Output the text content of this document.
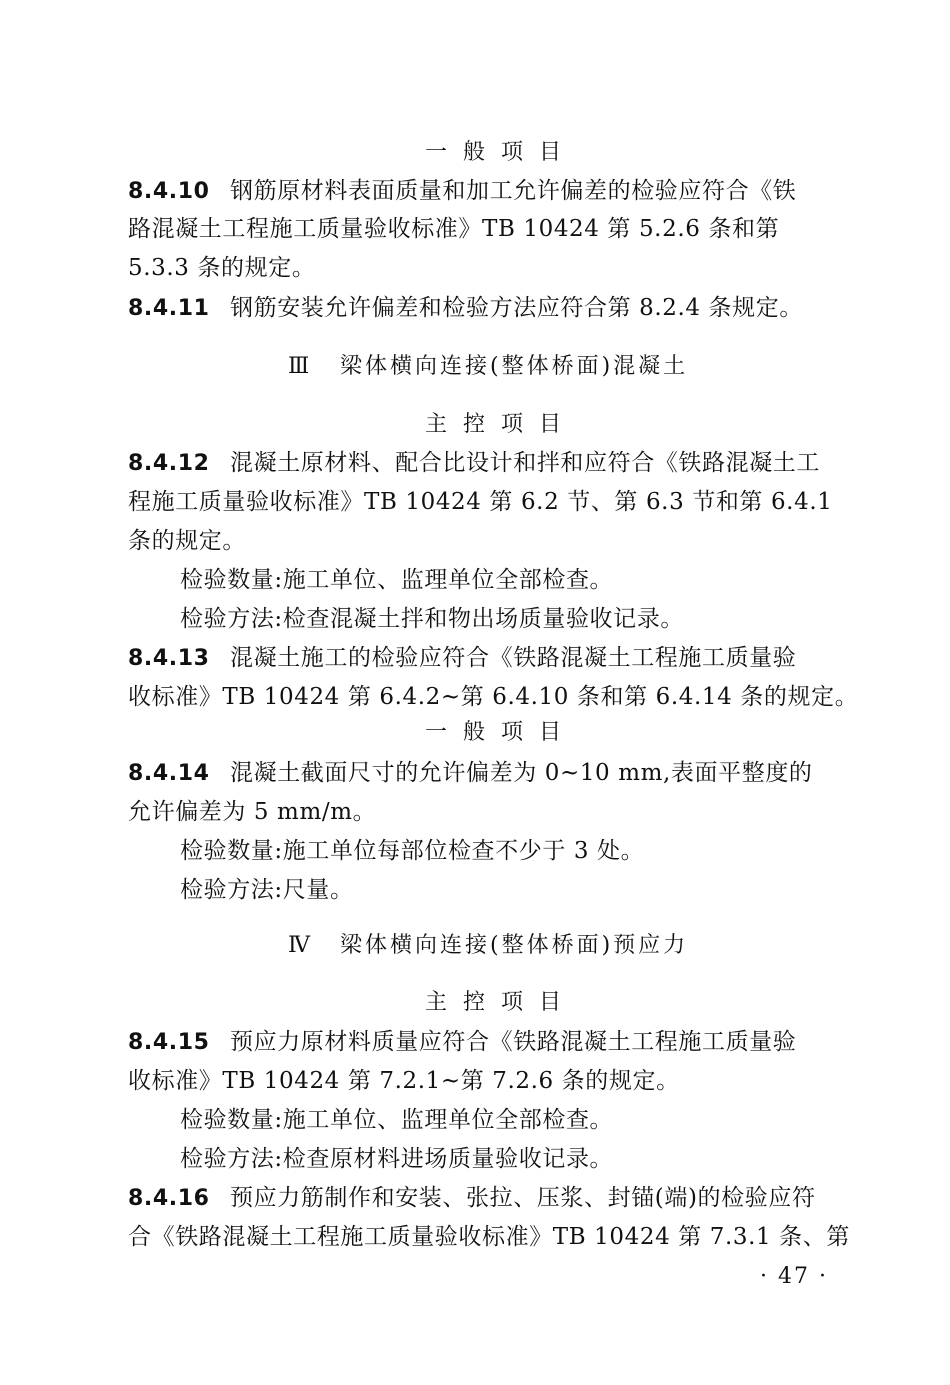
一般项目
8.4.10 钢筋原材料表面质量和加工允许偏差的检验应符合《铁
路混凝土工程施工质量验收标准》TB 10424 第 5.2.6 条和第
5.3.3 条的规定。
8.4.11 钢筋安装允许偏差和检验方法应符合第 8.2.4 条规定。
Ⅲ 梁体横向连接(整体桥面)混凝土
主控项目
8.4.12 混凝土原材料、配合比设计和拌和应符合《铁路混凝土工
程施工质量验收标准》TB 10424 第 6.2 节、第 6.3 节和第 6.4.1
条的规定。
检验数量:施工单位、监理单位全部检查。
检验方法:检查混凝土拌和物出场质量验收记录。
8.4.13 混凝土施工的检验应符合《铁路混凝土工程施工质量验
收标准》TB 10424 第 6.4.2~第 6.4.10 条和第 6.4.14 条的规定。
一般项目
8.4.14 混凝土截面尺寸的允许偏差为 0~10 mm,表面平整度的
允许偏差为 5 mm/m。
检验数量:施工单位每部位检查不少于 3 处。
检验方法:尺量。
Ⅳ 梁体横向连接(整体桥面)预应力
主控项目
8.4.15 预应力原材料质量应符合《铁路混凝土工程施工质量验
收标准》TB 10424 第 7.2.1~第 7.2.6 条的规定。
检验数量:施工单位、监理单位全部检查。
检验方法:检查原材料进场质量验收记录。
8.4.16 预应力筋制作和安装、张拉、压浆、封锚(端)的检验应符
合《铁路混凝土工程施工质量验收标准》TB 10424 第 7.3.1 条、第
· 47 ·
